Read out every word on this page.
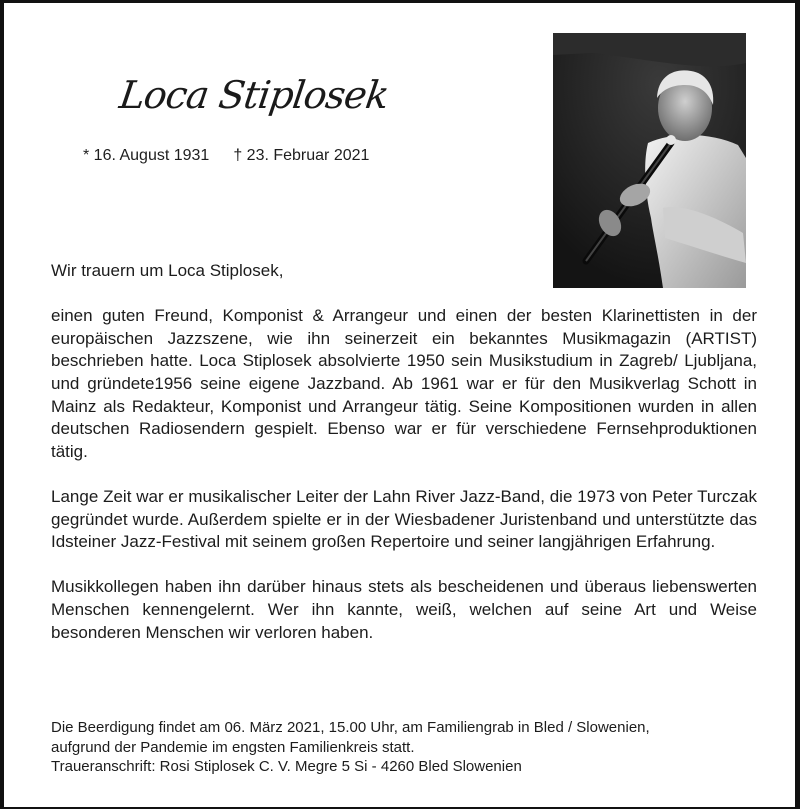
Loca Stiplosek
* 16. August 1931 † 23. Februar 2021

Wir trauern um Loca Stiplosek,

einen guten Freund, Komponist & Arrangeur und einen der besten Klarinettisten in der europäischen Jazzszene, wie ihn seinerzeit ein bekanntes Musikmagazin (ARTIST) beschrieben hatte. Loca Stiplosek absolvierte 1950 sein Musikstudium in Zagreb/ Ljubljana, und gründete1956 seine eigene Jazzband. Ab 1961 war er für den Musikverlag Schott in Mainz als Redakteur, Komponist und Arrangeur tätig. Seine Kompositionen wurden in allen deutschen Radiosendern gespielt. Ebenso war er für verschiedene Fernsehproduktionen tätig.

Lange Zeit war er musikalischer Leiter der Lahn River Jazz-Band, die 1973 von Peter Turczak gegründet wurde. Außerdem spielte er in der Wiesbadener Juristenband und unterstützte das Idsteiner Jazz-Festival mit seinem großen Repertoire und seiner langjährigen Erfahrung.

Musikkollegen haben ihn darüber hinaus stets als bescheidenen und überaus liebenswerten Menschen kennengelernt. Wer ihn kannte, weiß, welchen auf seine Art und Weise besonderen Menschen wir verloren haben.

Die Beerdigung findet am 06. März 2021, 15.00 Uhr, am Familiengrab in Bled / Slowenien,
aufgrund der Pandemie im engsten Familienkreis statt.
Traueranschrift: Rosi Stiplosek C. V. Megre 5 Si - 4260 Bled Slowenien
